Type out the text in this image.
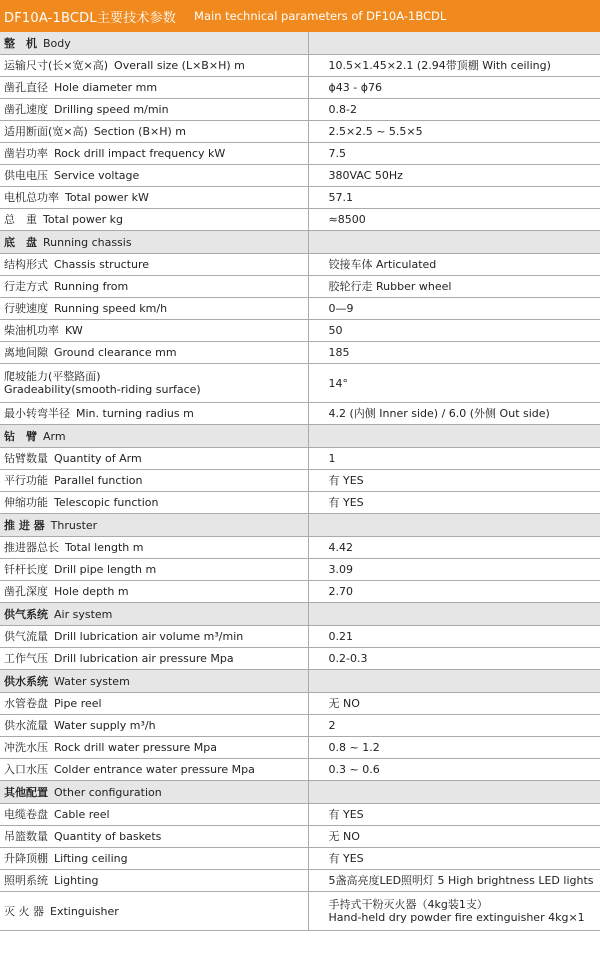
DF10A-1BCDL主要技术参数 Main technical parameters of DF10A-1BCDL
整　机 Body	
运输尺寸(长×宽×高) Overall size (L×B×H) m	10.5×1.45×2.1 (2.94带顶棚 With ceiling)
凿孔直径 Hole diameter mm	ϕ43 - ϕ76
凿孔速度 Drilling speed m/min	0.8-2
适用断面(宽×高) Section (B×H) m	2.5×2.5 ~ 5.5×5
凿岩功率 Rock drill impact frequency kW	7.5
供电电压 Service voltage	380VAC 50Hz
电机总功率 Total power kW	57.1
总　重 Total power kg	≈8500
底　盘 Running chassis	
结构形式 Chassis structure	铰接车体 Articulated
行走方式 Running from	胶轮行走 Rubber wheel
行驶速度 Running speed km/h	0—9
柴油机功率 KW	50
离地间隙 Ground clearance mm	185

爬坡能力(平整路面)
Gradeability(smooth-riding surface)	14°
最小转弯半径 Min. turning radius m	4.2 (内侧 Inner side) / 6.0 (外侧 Out side)
钻　臂 Arm	
钻臂数量 Quantity of Arm	1
平行功能 Parallel function	有 YES
伸缩功能 Telescopic function	有 YES
推 进 器 Thruster	
推进器总长 Total length m	4.42
钎杆长度 Drill pipe length m	3.09
凿孔深度 Hole depth m	2.70
供气系统 Air system	
供气流量 Drill lubrication air volume m³/min	0.21
工作气压 Drill lubrication air pressure Mpa	0.2-0.3
供水系统 Water system	
水管卷盘 Pipe reel	无 NO
供水流量 Water supply m³/h	2
冲洗水压 Rock drill water pressure Mpa	0.8 ~ 1.2
入口水压 Colder entrance water pressure Mpa	0.3 ~ 0.6
其他配置 Other configuration	
电缆卷盘 Cable reel	有 YES
吊篮数量 Quantity of baskets	无 NO
升降顶棚 Lifting ceiling	有 YES
照明系统 Lighting	5盏高亮度LED照明灯 5 High brightness LED lights
灭 火 器 Extinguisher	手持式干粉灭火器（4kg装1支）
Hand-held dry powder fire extinguisher 4kg×1
